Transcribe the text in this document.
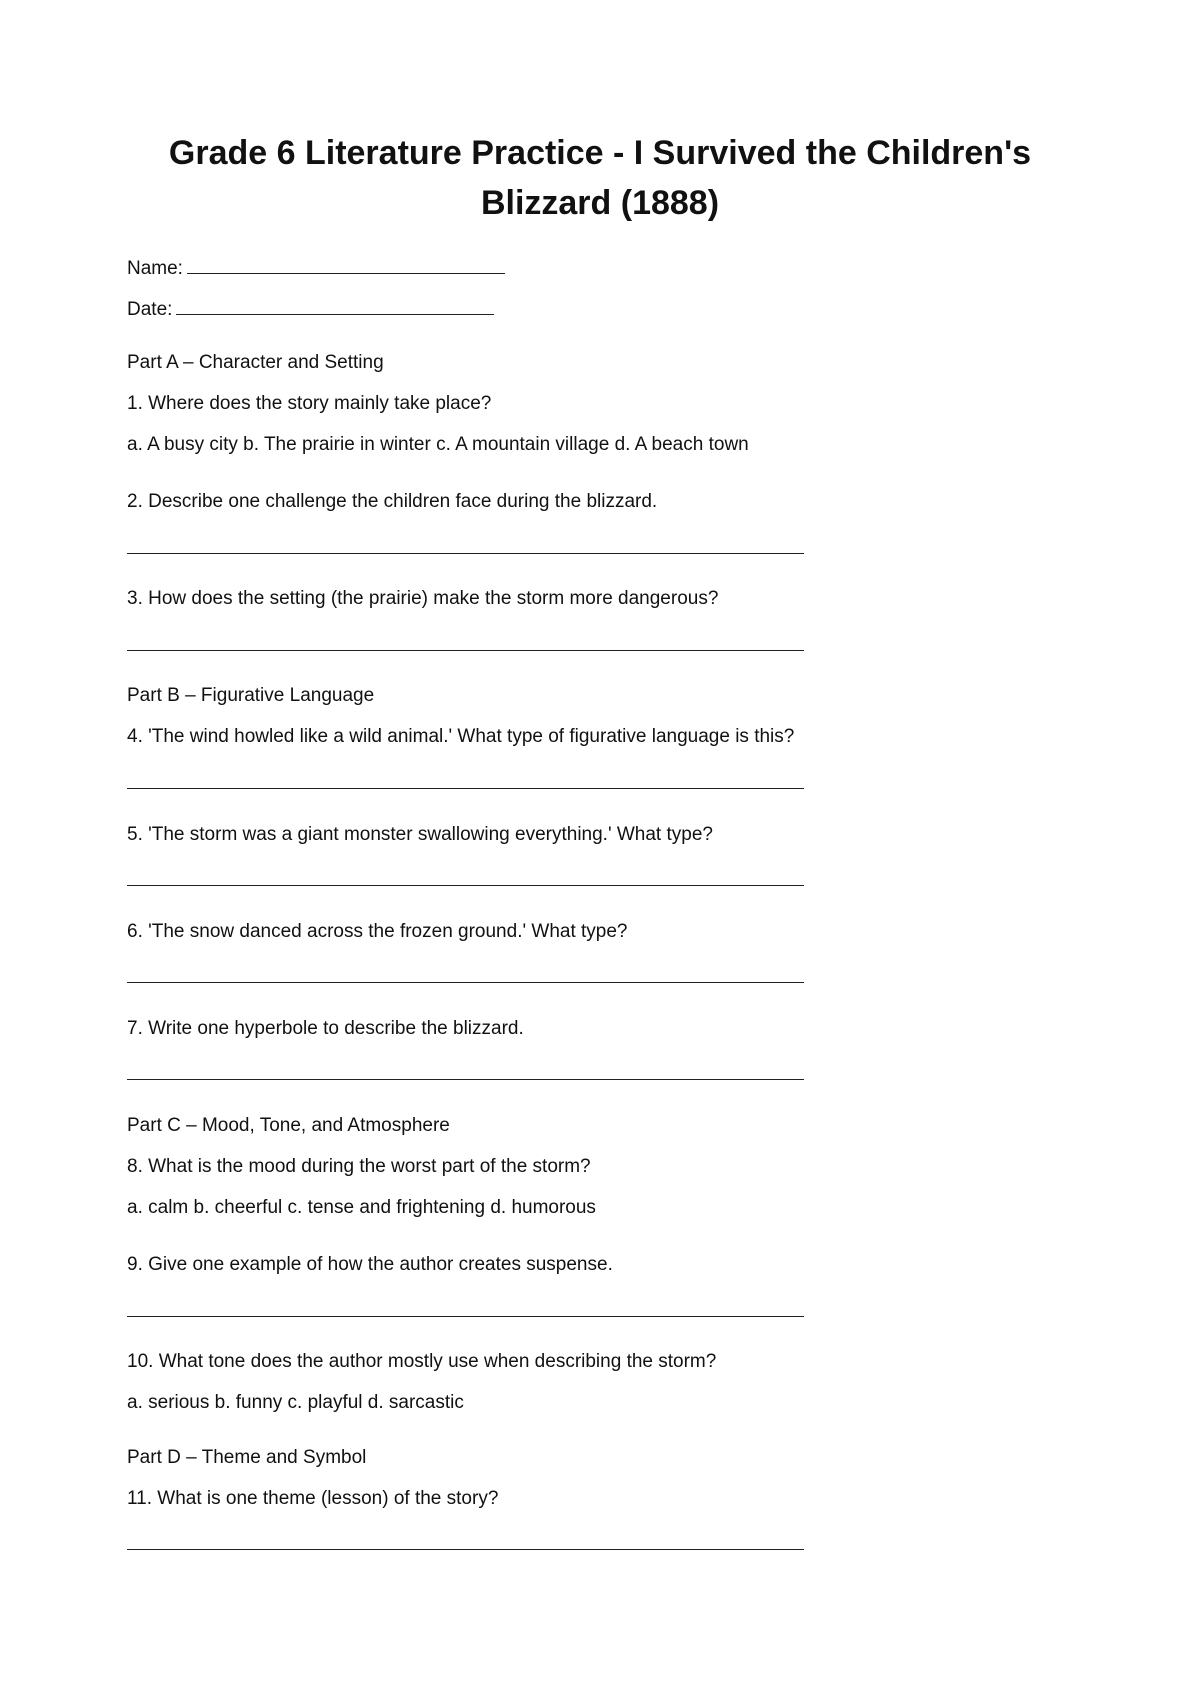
Grade 6 Literature Practice - I Survived the Children's Blizzard (1888)
Name:
Date:
Part A – Character and Setting
1. Where does the story mainly take place?
a. A busy city b. The prairie in winter c. A mountain village d. A beach town
2. Describe one challenge the children face during the blizzard.
3. How does the setting (the prairie) make the storm more dangerous?
Part B – Figurative Language
4. 'The wind howled like a wild animal.' What type of figurative language is this?
5. 'The storm was a giant monster swallowing everything.' What type?
6. 'The snow danced across the frozen ground.' What type?
7. Write one hyperbole to describe the blizzard.
Part C – Mood, Tone, and Atmosphere
8. What is the mood during the worst part of the storm?
a. calm b. cheerful c. tense and frightening d. humorous
9. Give one example of how the author creates suspense.
10. What tone does the author mostly use when describing the storm?
a. serious b. funny c. playful d. sarcastic
Part D – Theme and Symbol
11. What is one theme (lesson) of the story?
